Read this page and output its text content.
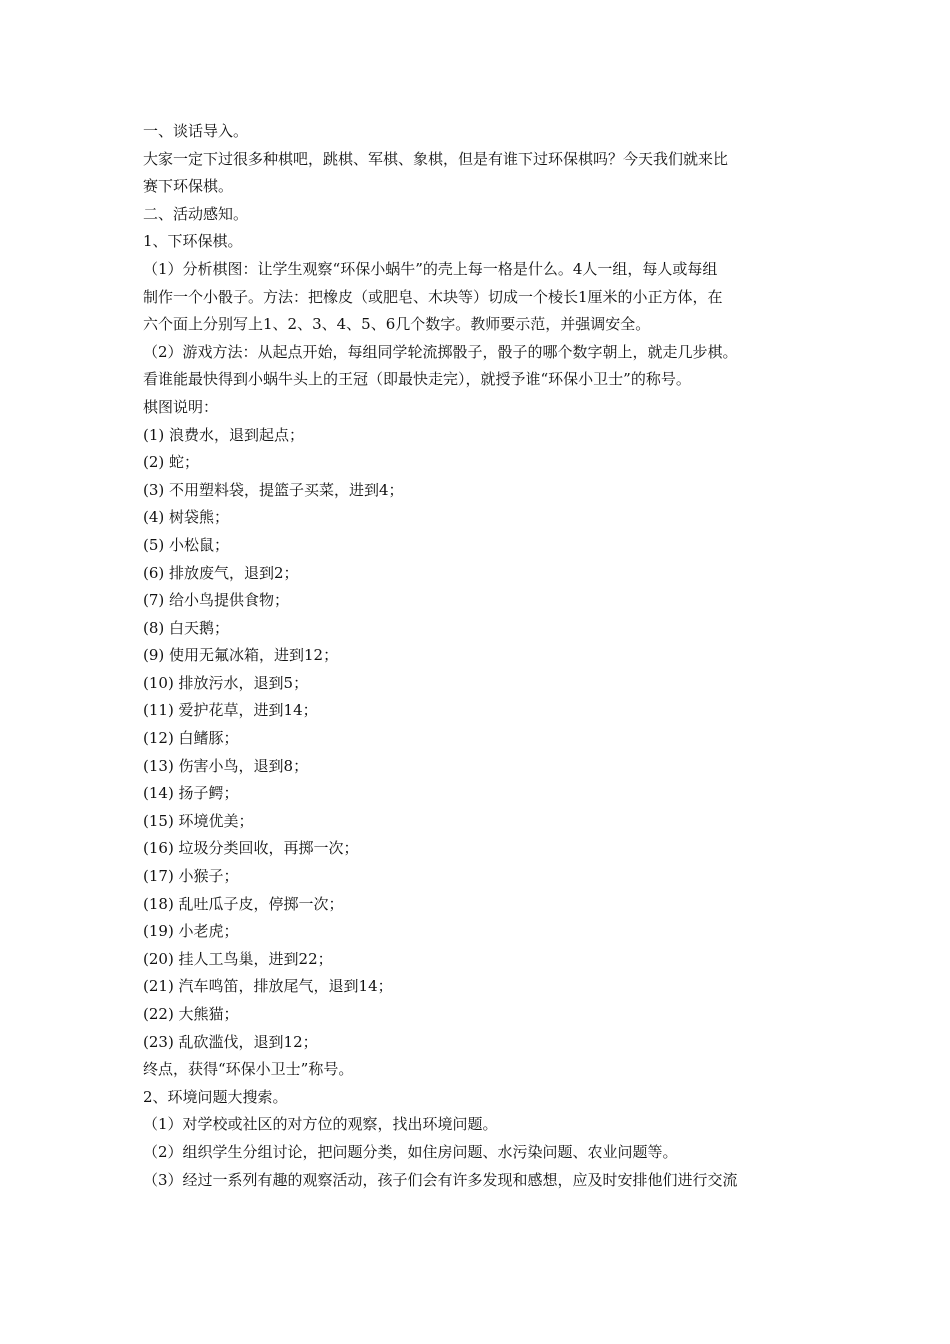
一、谈话导入。
大家一定下过很多种棋吧，跳棋、军棋、象棋，但是有谁下过环保棋吗？今天我们就来比
赛下环保棋。
二、活动感知。
1、下环保棋。
（1）分析棋图：让学生观察“环保小蜗牛”的壳上每一格是什么。4人一组，每人或每组
制作一个小骰子。方法：把橡皮（或肥皂、木块等）切成一个棱长1厘米的小正方体，在
六个面上分别写上1、2、3、4、5、6几个数字。教师要示范，并强调安全。
（2）游戏方法：从起点开始，每组同学轮流掷骰子，骰子的哪个数字朝上，就走几步棋。
看谁能最快得到小蜗牛头上的王冠（即最快走完），就授予谁“环保小卫士”的称号。
棋图说明：
(1) 浪费水，退到起点；
(2) 蛇；
(3) 不用塑料袋，提篮子买菜，进到4；
(4) 树袋熊；
(5) 小松鼠；
(6) 排放废气，退到2；
(7) 给小鸟提供食物；
(8) 白天鹅；
(9) 使用无氟冰箱，进到12；
(10) 排放污水，退到5；
(11) 爱护花草，进到14；
(12) 白鳍豚；
(13) 伤害小鸟，退到8；
(14) 扬子鳄；
(15) 环境优美；
(16) 垃圾分类回收，再掷一次；
(17) 小猴子；
(18) 乱吐瓜子皮，停掷一次；
(19) 小老虎；
(20) 挂人工鸟巢，进到22；
(21) 汽车鸣笛，排放尾气，退到14；
(22) 大熊猫；
(23) 乱砍滥伐，退到12；
终点，获得“环保小卫士”称号。
2、环境问题大搜索。
（1）对学校或社区的对方位的观察，找出环境问题。
（2）组织学生分组讨论，把问题分类，如住房问题、水污染问题、农业问题等。
（3）经过一系列有趣的观察活动，孩子们会有许多发现和感想，应及时安排他们进行交流
